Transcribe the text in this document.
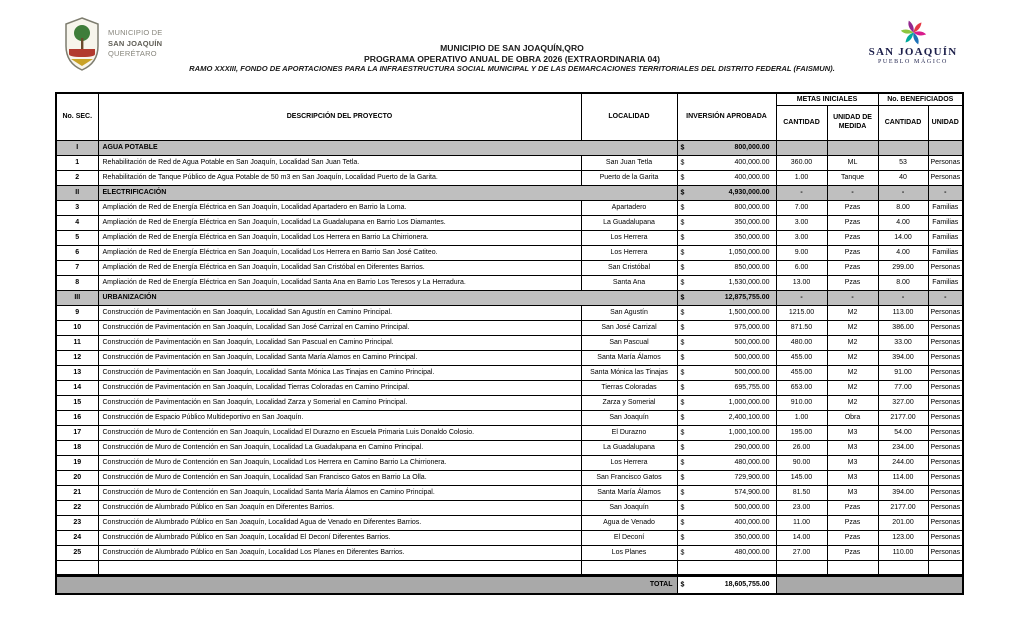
MUNICIPIO DE
SAN JOAQUÍN
QUERÉTARO
MUNICIPIO DE SAN JOAQUÍN,QRO
PROGRAMA OPERATIVO ANUAL DE OBRA 2026 (EXTRAORDINARIA 04)
RAMO XXXIII, FONDO DE APORTACIONES PARA LA INFRAESTRUCTURA SOCIAL MUNICIPAL Y DE LAS DEMARCACIONES TERRITORIALES DEL DISTRITO FEDERAL (FAISMUN).
SAN JOAQUÍN
PUEBLO MÁGICO
No. SEC.	DESCRIPCIÓN DEL PROYECTO	LOCALIDAD	INVERSIÓN APROBADA	METAS INICIALES		No. BENEFICIADOS	
				CANTIDAD	UNIDAD DE MEDIDA	CANTIDAD	UNIDAD
I	AGUA POTABLE		$ 800,000.00				
1	Rehabilitación de Red de Agua Potable en San Joaquín, Localidad San Juan Tetla.	San Juan Tetla	$ 400,000.00	360.00	ML	53	Personas
2	Rehabilitación de Tanque Público de Agua Potable de 50 m3 en San Joaquín, Localidad Puerto de la Garita.	Puerto de la Garita	$ 400,000.00	1.00	Tanque	40	Personas
II	ELECTRIFICACIÓN		$ 4,930,000.00	-	-	-	-
3	Ampliación de Red de Energía Eléctrica en San Joaquín, Localidad Apartadero en Barrio la Loma.	Apartadero	$ 800,000.00	7.00	Pzas	8.00	Familias
4	Ampliación de Red de Energía Eléctrica en San Joaquín, Localidad La Guadalupana en Barrio Los Diamantes.	La Guadalupana	$ 350,000.00	3.00	Pzas	4.00	Familias
5	Ampliación de Red de Energía Eléctrica en San Joaquín, Localidad Los Herrera en Barrio La Chirrionera.	Los Herrera	$ 350,000.00	3.00	Pzas	14.00	Familias
6	Ampliación de Red de Energía Eléctrica en San Joaquín, Localidad Los Herrera en Barrio San José Catiteo.	Los Herrera	$ 1,050,000.00	9.00	Pzas	4.00	Familias
7	Ampliación de Red de Energía Eléctrica en San Joaquín, Localidad San Cristóbal en Diferentes Barrios.	San Cristóbal	$ 850,000.00	6.00	Pzas	299.00	Personas
8	Ampliación de Red de Energía Eléctrica en San Joaquín, Localidad Santa Ana en Barrio Los Teresos y La Herradura.	Santa Ana	$ 1,530,000.00	13.00	Pzas	8.00	Familias
III	URBANIZACIÓN		$ 12,875,755.00	-	-	-	-
9	Construcción de Pavimentación en San Joaquín, Localidad San Agustín en Camino Principal.	San Agustín	$ 1,500,000.00	1215.00	M2	113.00	Personas
10	Construcción de Pavimentación en San Joaquín, Localidad San José Carrizal en Camino Principal.	San José Carrizal	$ 975,000.00	871.50	M2	386.00	Personas
11	Construcción de Pavimentación en San Joaquín, Localidad San Pascual en Camino Principal.	San Pascual	$ 500,000.00	480.00	M2	33.00	Personas
12	Construcción de Pavimentación en San Joaquín, Localidad Santa María Alamos en Camino Principal.	Santa María Álamos	$ 500,000.00	455.00	M2	394.00	Personas
13	Construcción de Pavimentación en San Joaquín, Localidad Santa Mónica Las Tinajas en Camino Principal.	Santa Mónica las Tinajas	$ 500,000.00	455.00	M2	91.00	Personas
14	Construcción de Pavimentación en San Joaquín, Localidad Tierras Coloradas en Camino Principal.	Tierras Coloradas	$ 695,755.00	653.00	M2	77.00	Personas
15	Construcción de Pavimentación en San Joaquín, Localidad Zarza y Somerial en Camino Principal.	Zarza y Somerial	$ 1,000,000.00	910.00	M2	327.00	Personas
16	Construcción de Espacio Público Multideportivo en San Joaquín.	San Joaquín	$ 2,400,100.00	1.00	Obra	2177.00	Personas
17	Construcción de Muro de Contención en San Joaquín, Localidad El Durazno en Escuela Primaria Luis Donaldo Colosio.	El Durazno	$ 1,000,100.00	195.00	M3	54.00	Personas
18	Construcción de Muro de Contención en San Joaquín, Localidad La Guadalupana en Camino Principal.	La Guadalupana	$ 290,000.00	26.00	M3	234.00	Personas
19	Construcción de Muro de Contención en San Joaquín, Localidad Los Herrera en Camino Barrio La Chirrionera.	Los Herrera	$ 480,000.00	90.00	M3	244.00	Personas
20	Construcción de Muro de Contención en San Joaquín, Localidad San Francisco Gatos en Barrio La Olla.	San Francisco Gatos	$ 729,900.00	145.00	M3	114.00	Personas
21	Construcción de Muro de Contención en San Joaquín, Localidad Santa María Álamos en Camino Principal.	Santa María Álamos	$ 574,900.00	81.50	M3	394.00	Personas
22	Construcción de Alumbrado Público en San Joaquín en Diferentes Barrios.	San Joaquín	$ 500,000.00	23.00	Pzas	2177.00	Personas
23	Construcción de Alumbrado Público en San Joaquín, Localidad Agua de Venado en Diferentes Barrios.	Agua de Venado	$ 400,000.00	11.00	Pzas	201.00	Personas
24	Construcción de Alumbrado Público en San Joaquín, Localidad El Deconí Diferentes Barrios.	El Deconí	$ 350,000.00	14.00	Pzas	123.00	Personas
25	Construcción de Alumbrado Público en San Joaquín, Localidad Los Planes en Diferentes Barrios.	Los Planes	$ 480,000.00	27.00	Pzas	110.00	Personas

TOTAL			$ 18,605,755.00				
